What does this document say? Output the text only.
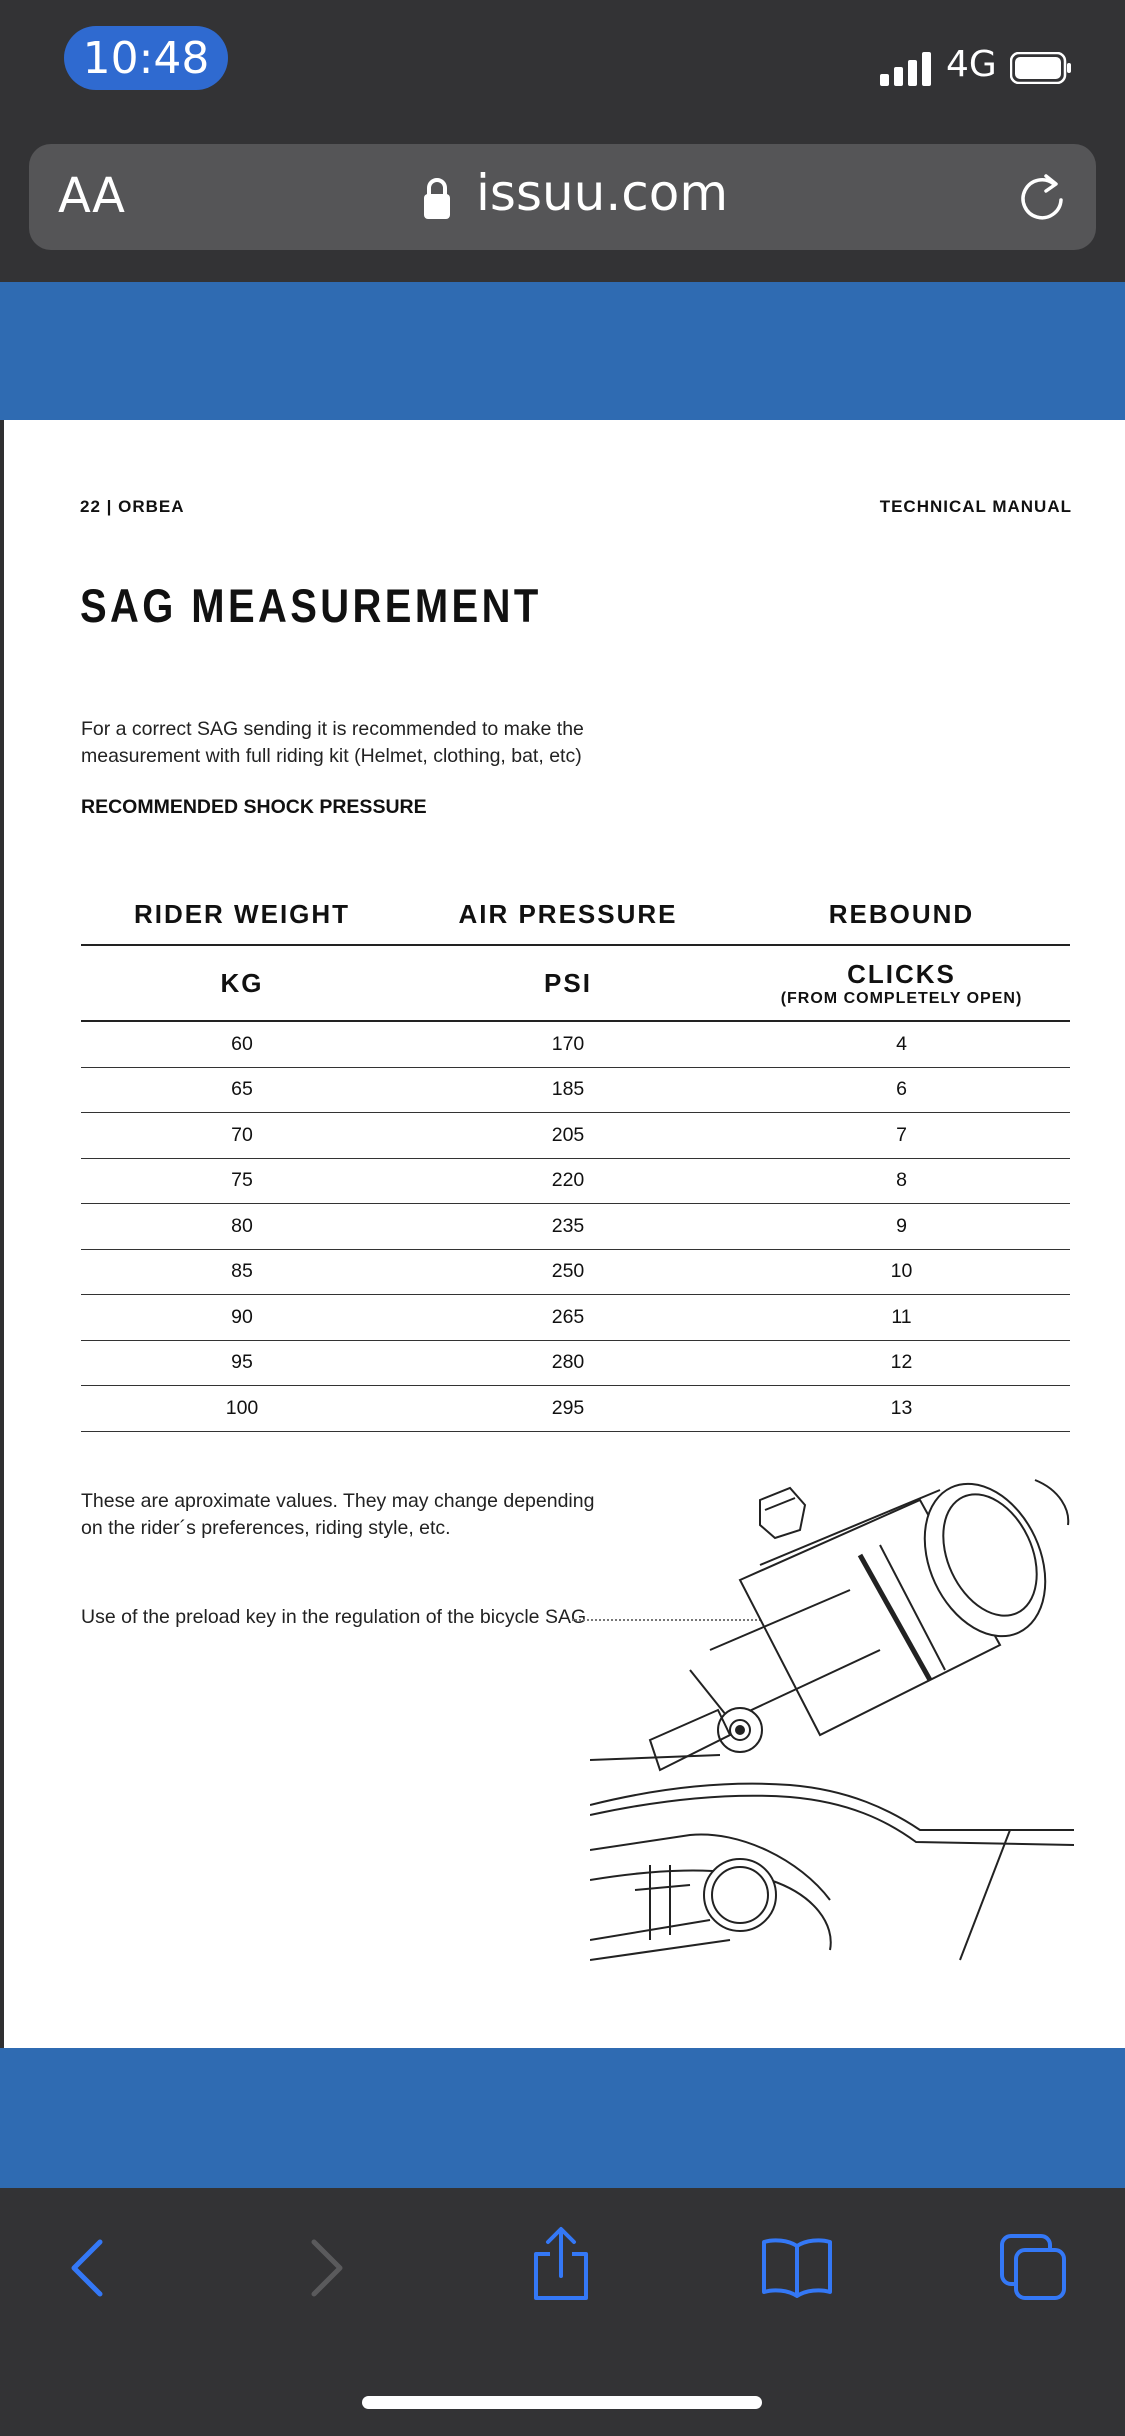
10:48	4G
AA	issuu.com
22 | ORBEA	TECHNICAL MANUAL
SAG MEASUREMENT
For a correct SAG sending it is recommended to make the measurement with full riding kit (Helmet, clothing, bat, etc)
RECOMMENDED SHOCK PRESSURE
RIDER WEIGHT	AIR PRESSURE	REBOUND
KG	PSI	CLICKS
(FROM COMPLETELY OPEN)
60	170	4
65	185	6
70	205	7
75	220	8
80	235	9
85	250	10
90	265	11
95	280	12
100	295	13
These are aproximate values. They may change depending on the rider´s preferences, riding style, etc.
Use of the preload key in the regulation of the bicycle SAG
